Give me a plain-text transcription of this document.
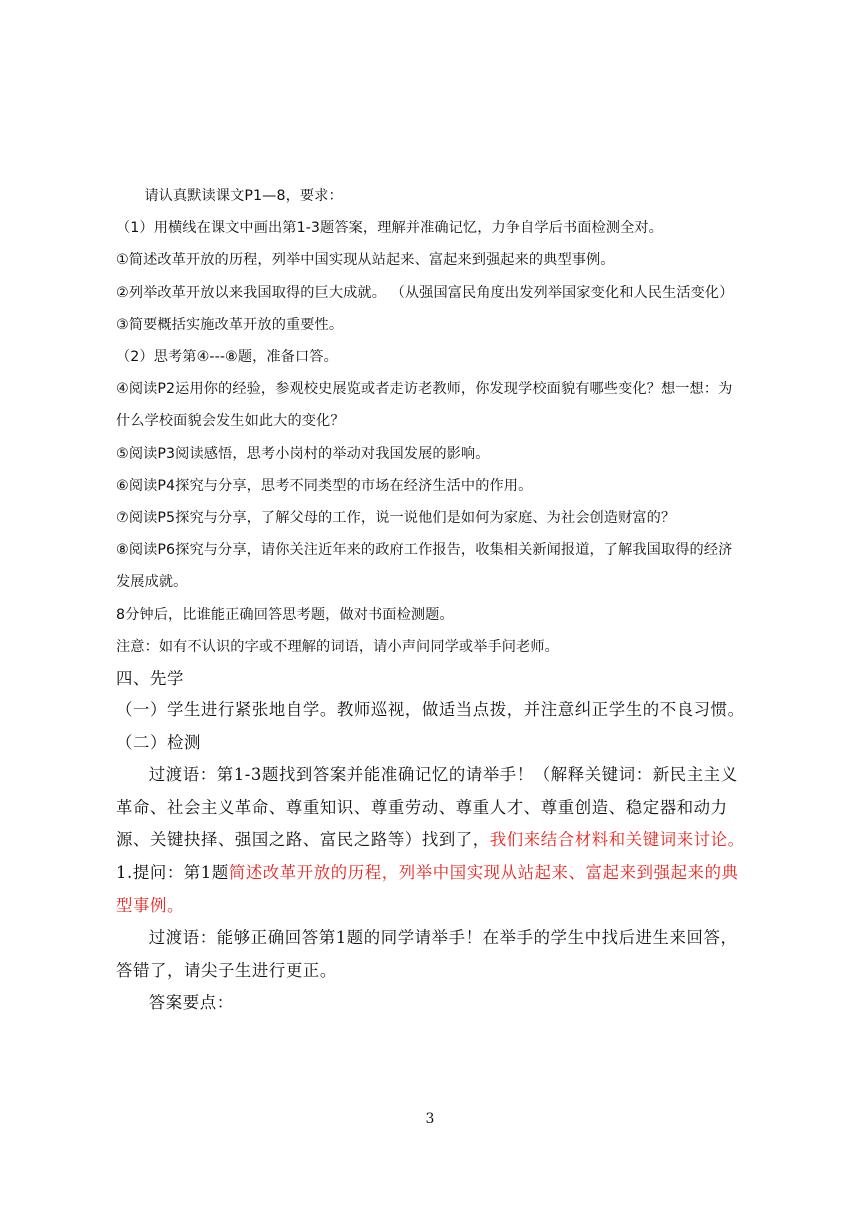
请认真默读课文P1—8，要求：

（1）用横线在课文中画出第1-3题答案，理解并准确记忆，力争自学后书面检测全对。

①简述改革开放的历程，列举中国实现从站起来、富起来到强起来的典型事例。

②列举改革开放以来我国取得的巨大成就。 （从强国富民角度出发列举国家变化和人民生活变化）

③简要概括实施改革开放的重要性。

（2）思考第④---⑧题，准备口答。

④阅读P2运用你的经验，参观校史展览或者走访老教师，你发现学校面貌有哪些变化？想一想：为什么学校面貌会发生如此大的变化？

⑤阅读P3阅读感悟，思考小岗村的举动对我国发展的影响。

⑥阅读P4探究与分享，思考不同类型的市场在经济生活中的作用。

⑦阅读P5探究与分享，了解父母的工作，说一说他们是如何为家庭、为社会创造财富的？

⑧阅读P6探究与分享，请你关注近年来的政府工作报告，收集相关新闻报道，了解我国取得的经济发展成就。

8分钟后，比谁能正确回答思考题，做对书面检测题。

注意：如有不认识的字或不理解的词语，请小声问同学或举手问老师。

四、先学

（一）学生进行紧张地自学。教师巡视，做适当点拨，并注意纠正学生的不良习惯。

（二）检测

过渡语：第1-3题找到答案并能准确记忆的请举手！（解释关键词：新民主主义革命、社会主义革命、尊重知识、尊重劳动、尊重人才、尊重创造、稳定器和动力源、关键抉择、强国之路、富民之路等）找到了，我们来结合材料和关键词来讨论。

1.提问：第1题简述改革开放的历程，列举中国实现从站起来、富起来到强起来的典型事例。

过渡语：能够正确回答第1题的同学请举手！在举手的学生中找后进生来回答，答错了，请尖子生进行更正。

答案要点：

3
